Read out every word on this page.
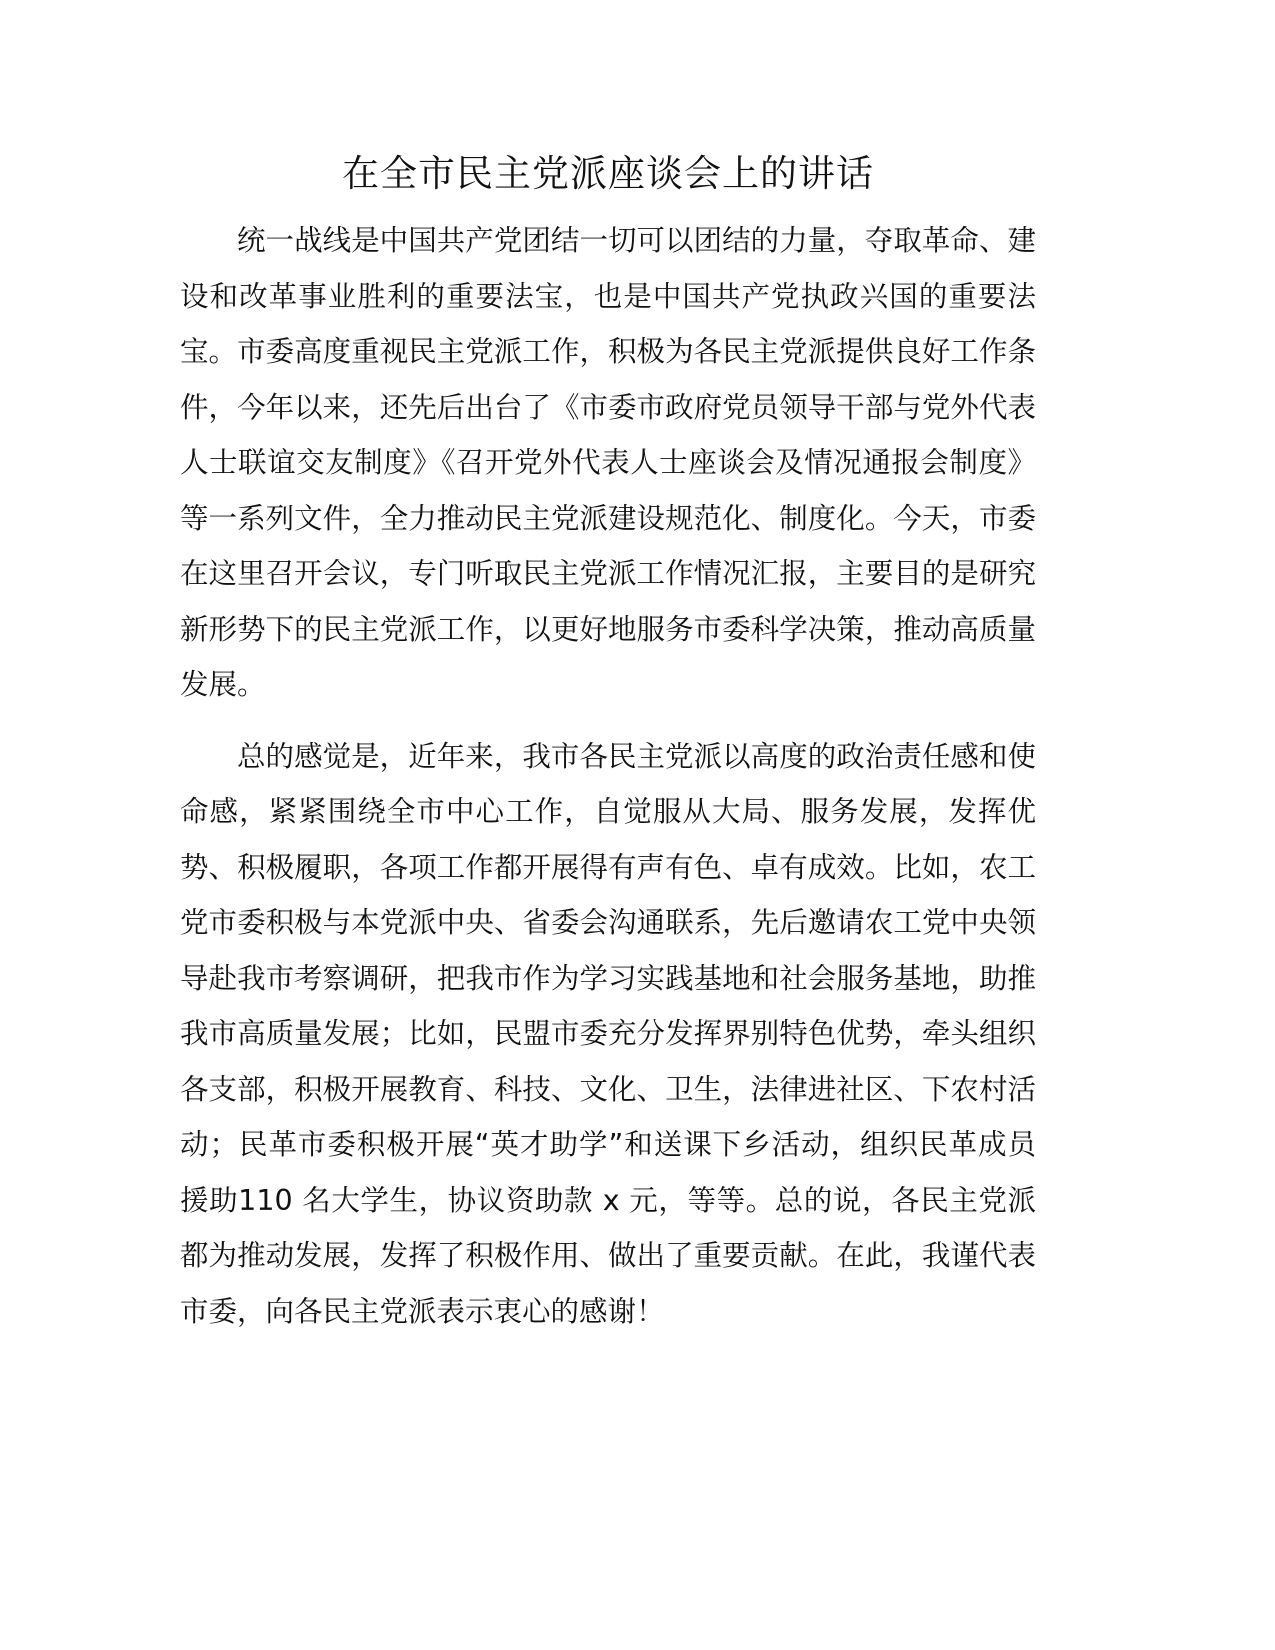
在全市民主党派座谈会上的讲话

统一战线是中国共产党团结一切可以团结的力量，夺取革命、建设和改革事业胜利的重要法宝，也是中国共产党执政兴国的重要法宝。市委高度重视民主党派工作，积极为各民主党派提供良好工作条件，今年以来，还先后出台了《市委市政府党员领导干部与党外代表人士联谊交友制度》《召开党外代表人士座谈会及情况通报会制度》等一系列文件，全力推动民主党派建设规范化、制度化。今天，市委在这里召开会议，专门听取民主党派工作情况汇报，主要目的是研究新形势下的民主党派工作，以更好地服务市委科学决策，推动高质量发展。

总的感觉是，近年来，我市各民主党派以高度的政治责任感和使命感，紧紧围绕全市中心工作，自觉服从大局、服务发展，发挥优势、积极履职，各项工作都开展得有声有色、卓有成效。比如，农工党市委积极与本党派中央、省委会沟通联系，先后邀请农工党中央领导赴我市考察调研，把我市作为学习实践基地和社会服务基地，助推我市高质量发展；比如，民盟市委充分发挥界别特色优势，牵头组织各支部，积极开展教育、科技、文化、卫生，法律进社区、下农村活动；民革市委积极开展“英才助学”和送课下乡活动，组织民革成员援助110 名大学生，协议资助款 x 元，等等。总的说，各民主党派都为推动发展，发挥了积极作用、做出了重要贡献。在此，我谨代表市委，向各民主党派表示衷心的感谢！
